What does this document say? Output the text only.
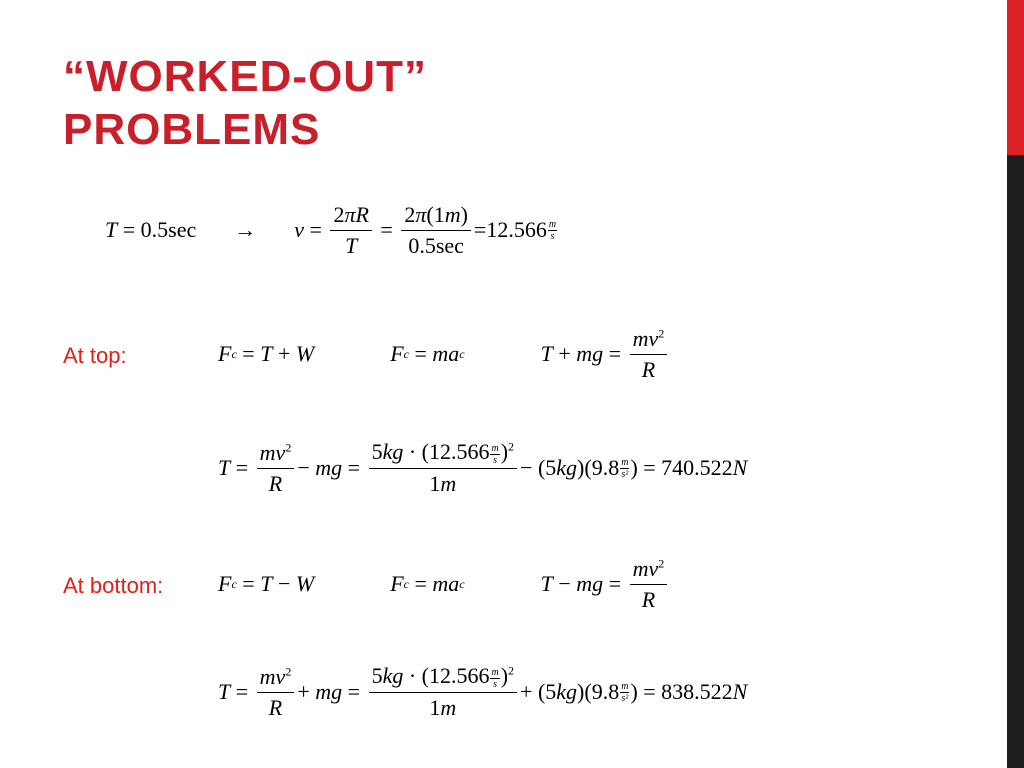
“WORKED-OUT”
PROBLEMS
T = 0.5 $\sec \to v = \frac{2\pi R}{T} = \frac{2\pi(1m)}{0.5\sec} = 12.566$ m
s
At top:	F c = T + W	F c = ma c	T + mg = $\frac{mv^2}{R}$
$T = \frac{mv^2}{R}$ − mg = $\frac{5kg \cdot (12.566 \frac{m}{s} )^2}{1m}$ − ( 5 kg )( 9.8 m
s² ) = 740.522 N
At bottom: F c = T − W	F c = ma c	T − mg = $\frac{mv^2}{R}$
$T = \frac{mv^2}{R}$ + mg = $\frac{5kg \cdot (12.566 \frac{m}{s} )^2}{1m}$ + ( 5 kg )( 9.8 m
s² ) = 838.522 N
